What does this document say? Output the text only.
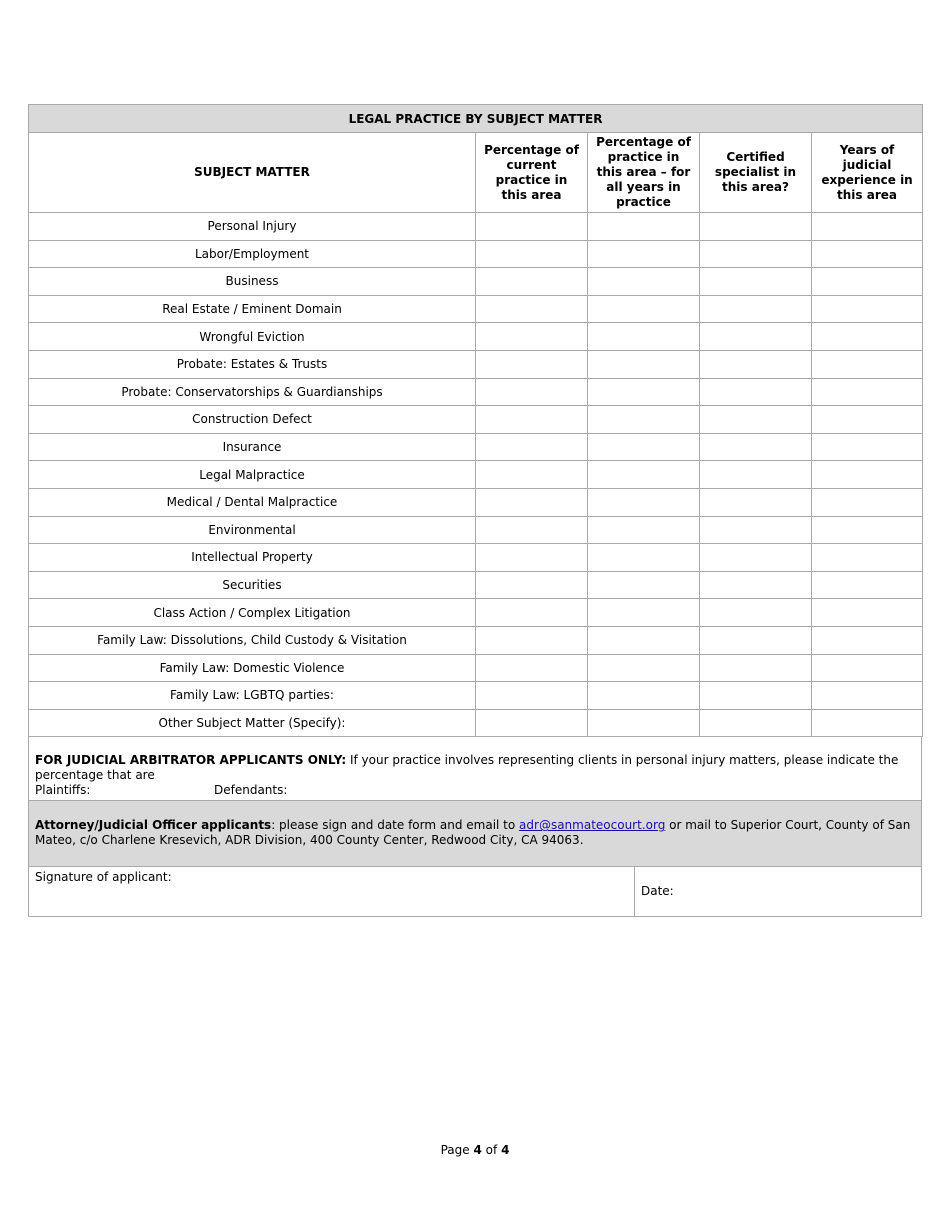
LEGAL PRACTICE BY SUBJECT MATTER				

SUBJECT MATTER	Percentage of current practice in this area	Percentage of practice in this area – for all years in practice	Certified specialist in this area?	Years of judicial experience in this area

Personal Injury				
Labor/Employment				
Business				
Real Estate / Eminent Domain				
Wrongful Eviction				
Probate: Estates & Trusts				
Probate: Conservatorships & Guardianships				
Construction Defect				
Insurance				
Legal Malpractice				
Medical / Dental Malpractice				
Environmental				
Intellectual Property				
Securities				
Class Action / Complex Litigation				
Family Law: Dissolutions, Child Custody & Visitation				
Family Law: Domestic Violence				
Family Law: LGBTQ parties:				
Other Subject Matter (Specify):				
FOR JUDICIAL ARBITRATOR APPLICANTS ONLY: If your practice involves representing clients in personal injury matters, please indicate the percentage that are
Plaintiffs:	Defendants:
Attorney/Judicial Officer applicants: please sign and date form and email to adr@sanmateocourt.org or mail to Superior Court, County of San Mateo, c/o Charlene Kresevich, ADR Division, 400 County Center, Redwood City, CA 94063.
Signature of applicant:
Date:
Page 4 of 4
